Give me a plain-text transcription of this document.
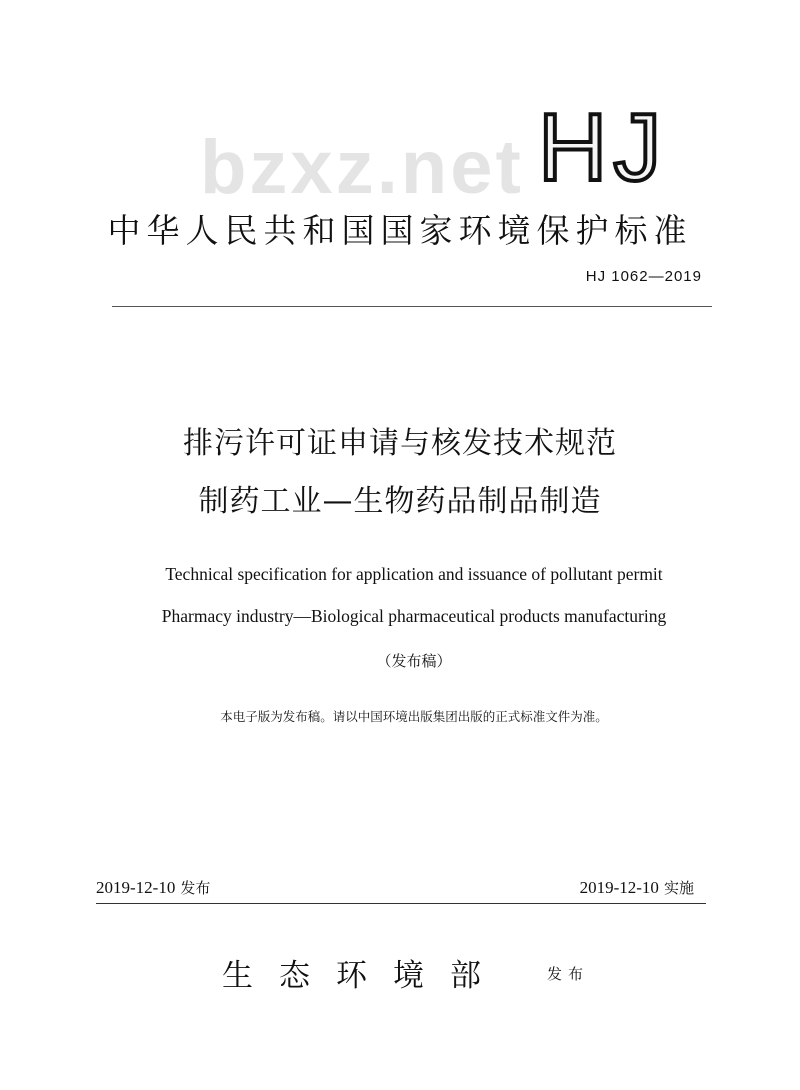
bzxz.net HJ
中华人民共和国国家环境保护标准
HJ 1062—2019
排污许可证申请与核发技术规范
制药工业—生物药品制品制造
Technical specification for application and issuance of pollutant permit
Pharmacy industry—Biological pharmaceutical products manufacturing
（发布稿）
本电子版为发布稿。请以中国环境出版集团出版的正式标准文件为准。
2019-12-10 发布	2019-12-10 实施
生态环境部	发布
